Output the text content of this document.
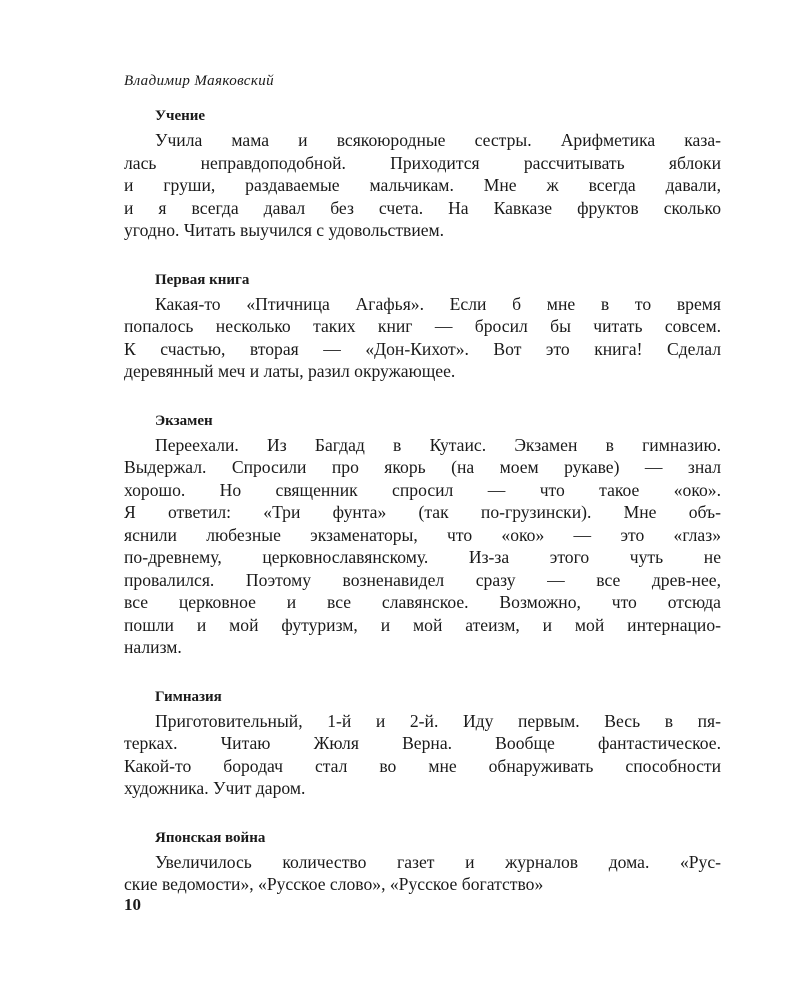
Владимир Маяковский
Учение
Учила мама и всякоюродные сестры. Арифметика каза-
лась неправдоподобной. Приходится рассчитывать яблоки
и груши, раздаваемые мальчикам. Мне ж всегда давали,
и я всегда давал без счета. На Кавказе фруктов сколько
угодно. Читать выучился с удовольствием.
Первая книга
Какая-то «Птичница Агафья». Если б мне в то время
попалось несколько таких книг — бросил бы читать совсем.
К счастью, вторая — «Дон-Кихот». Вот это книга! Сделал
деревянный меч и латы, разил окружающее.
Экзамен
Переехали. Из Багдад в Кутаис. Экзамен в гимназию.
Выдержал. Спросили про якорь (на моем рукаве) — знал
хорошо. Но священник спросил — что такое «око».
Я ответил: «Три фунта» (так по-грузински). Мне объ-
яснили любезные экзаменаторы, что «око» — это «глаз»
по-древнему, церковнославянскому. Из-за этого чуть не
провалился. Поэтому возненавидел сразу — все древ-нее,
все церковное и все славянское. Возможно, что отсюда
пошли и мой футуризм, и мой атеизм, и мой интернацио-
нализм.
Гимназия
Приготовительный, 1-й и 2-й. Иду первым. Весь в пя-
терках. Читаю Жюля Верна. Вообще фантастическое.
Какой-то бородач стал во мне обнаруживать способности
художника. Учит даром.
Японская война
Увеличилось количество газет и журналов дома. «Рус-
ские ведомости», «Русское слово», «Русское богатство»
10
